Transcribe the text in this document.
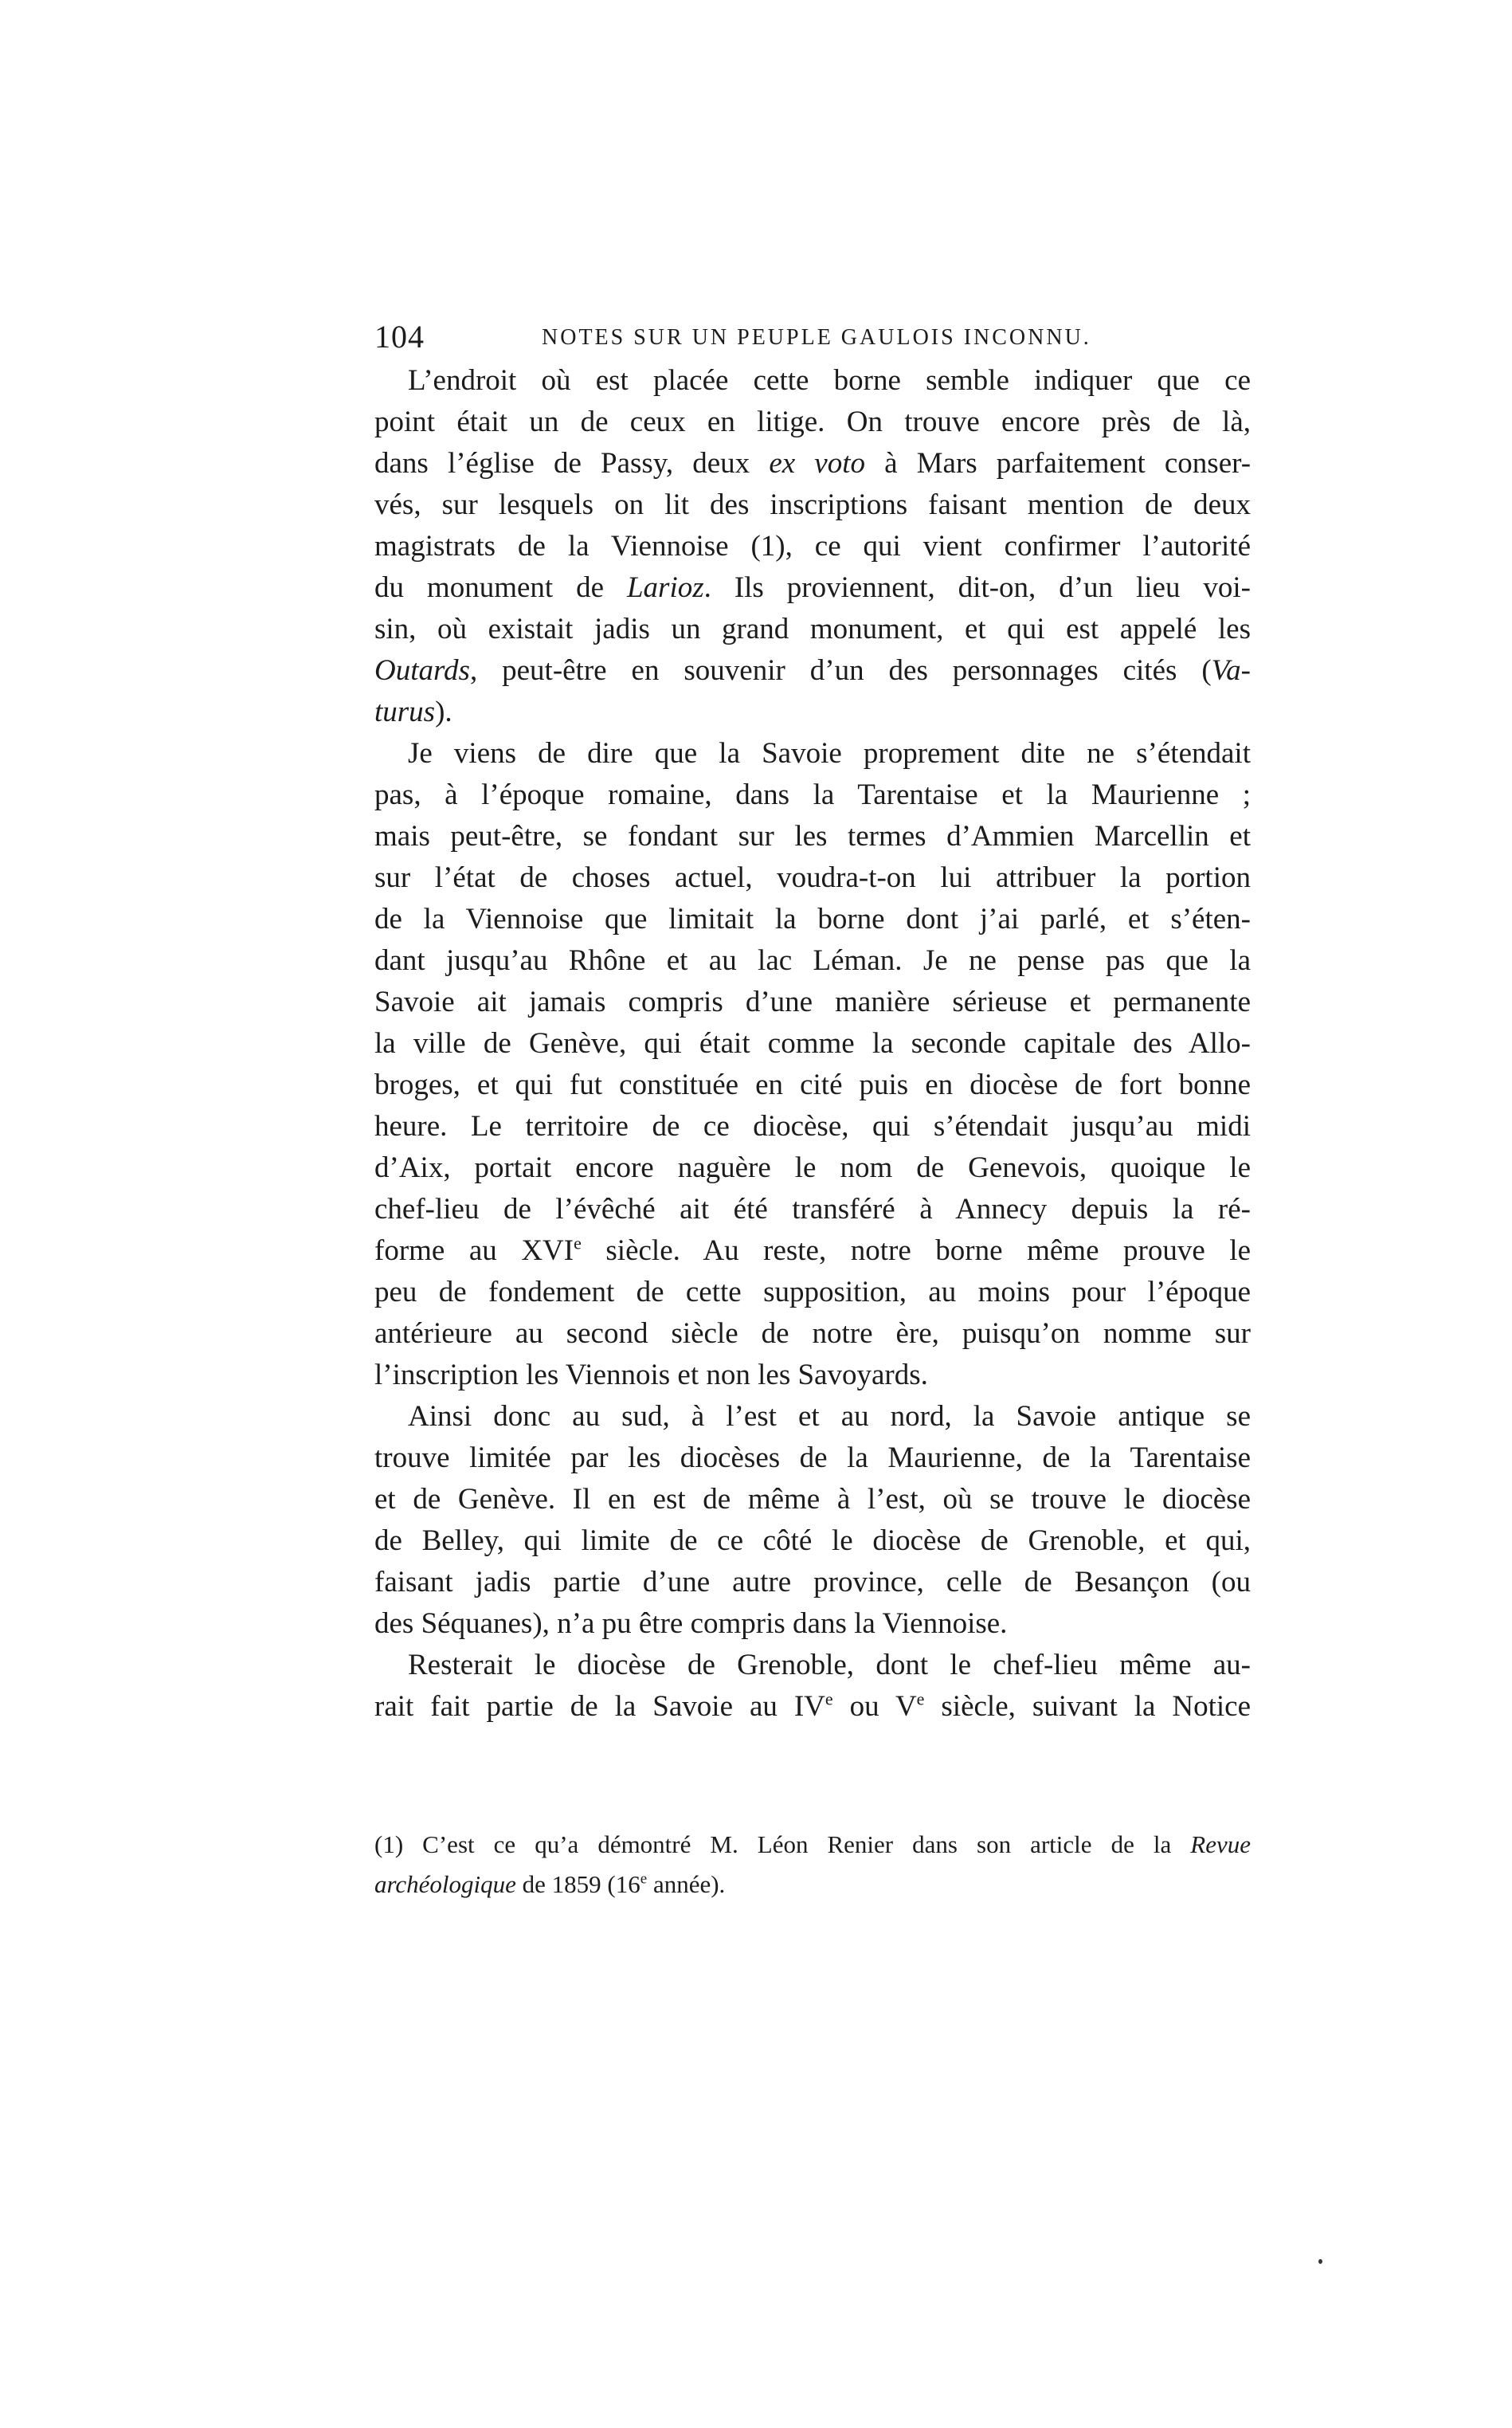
104	NOTES SUR UN PEUPLE GAULOIS INCONNU.
L’endroit où est placée cette borne semble indiquer que ce
point était un de ceux en litige. On trouve encore près de là,
dans l’église de Passy, deux ex voto à Mars parfaitement conser-
vés, sur lesquels on lit des inscriptions faisant mention de deux
magistrats de la Viennoise (1), ce qui vient confirmer l’autorité
du monument de Larioz. Ils proviennent, dit-on, d’un lieu voi-
sin, où existait jadis un grand monument, et qui est appelé les
Outards, peut-être en souvenir d’un des personnages cités (Va-
turus).
Je viens de dire que la Savoie proprement dite ne s’étendait
pas, à l’époque romaine, dans la Tarentaise et la Maurienne ;
mais peut-être, se fondant sur les termes d’Ammien Marcellin et
sur l’état de choses actuel, voudra-t-on lui attribuer la portion
de la Viennoise que limitait la borne dont j’ai parlé, et s’éten-
dant jusqu’au Rhône et au lac Léman. Je ne pense pas que la
Savoie ait jamais compris d’une manière sérieuse et permanente
la ville de Genève, qui était comme la seconde capitale des Allo-
broges, et qui fut constituée en cité puis en diocèse de fort bonne
heure. Le territoire de ce diocèse, qui s’étendait jusqu’au midi
d’Aix, portait encore naguère le nom de Genevois, quoique le
chef-lieu de l’évêché ait été transféré à Annecy depuis la ré-
forme au XVIe siècle. Au reste, notre borne même prouve le
peu de fondement de cette supposition, au moins pour l’époque
antérieure au second siècle de notre ère, puisqu’on nomme sur
l’inscription les Viennois et non les Savoyards.
Ainsi donc au sud, à l’est et au nord, la Savoie antique se
trouve limitée par les diocèses de la Maurienne, de la Tarentaise
et de Genève. Il en est de même à l’est, où se trouve le diocèse
de Belley, qui limite de ce côté le diocèse de Grenoble, et qui,
faisant jadis partie d’une autre province, celle de Besançon (ou
des Séquanes), n’a pu être compris dans la Viennoise.
Resterait le diocèse de Grenoble, dont le chef-lieu même au-
rait fait partie de la Savoie au IVe ou Ve siècle, suivant la Notice
(1) C’est ce qu’a démontré M. Léon Renier dans son article de la Revue
archéologique de 1859 (16e année).
